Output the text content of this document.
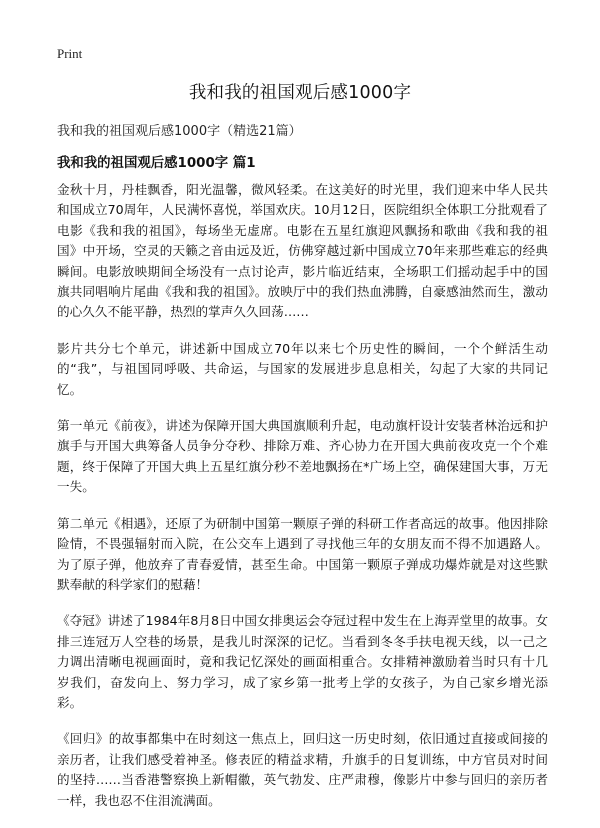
Print
我和我的祖国观后感1000字
我和我的祖国观后感1000字（精选21篇）
我和我的祖国观后感1000字 篇1

金秋十月，丹桂飘香，阳光温馨，微风轻柔。在这美好的时光里，我们迎来中华人民共和国成立70周年，人民满怀喜悦，举国欢庆。10月12日，医院组织全体职工分批观看了电影《我和我的祖国》，每场坐无虚席。电影在五星红旗迎风飘扬和歌曲《我和我的祖国》中开场，空灵的天籁之音由远及近，仿佛穿越过新中国成立70年来那些难忘的经典瞬间。电影放映期间全场没有一点讨论声，影片临近结束，全场职工们摇动起手中的国旗共同唱响片尾曲《我和我的祖国》。放映厅中的我们热血沸腾，自豪感油然而生，激动的心久久不能平静，热烈的掌声久久回荡……

影片共分七个单元，讲述新中国成立70年以来七个历史性的瞬间，一个个鲜活生动的“我”，与祖国同呼吸、共命运，与国家的发展进步息息相关，勾起了大家的共同记忆。

第一单元《前夜》，讲述为保障开国大典国旗顺利升起，电动旗杆设计安装者林治远和护旗手与开国大典筹备人员争分夺秒、排除万难、齐心协力在开国大典前夜攻克一个个难题，终于保障了开国大典上五星红旗分秒不差地飘扬在*广场上空，确保建国大事，万无一失。

第二单元《相遇》，还原了为研制中国第一颗原子弹的科研工作者高远的故事。他因排除险情，不畏强辐射而入院，在公交车上遇到了寻找他三年的女朋友而不得不加遇路人。为了原子弹，他放弃了青春爱情，甚至生命。中国第一颗原子弹成功爆炸就是对这些默默奉献的科学家们的慰藉！

《夺冠》讲述了1984年8月8日中国女排奥运会夺冠过程中发生在上海弄堂里的故事。女排三连冠万人空巷的场景，是我儿时深深的记忆。当看到冬冬手扶电视天线，以一己之力调出清晰电视画面时，竟和我记忆深处的画面相重合。女排精神激励着当时只有十几岁我们，奋发向上、努力学习，成了家乡第一批考上学的女孩子，为自己家乡增光添彩。

《回归》的故事都集中在时刻这一焦点上，回归这一历史时刻，依旧通过直接或间接的亲历者，让我们感受着神圣。修表匠的精益求精，升旗手的日复训练，中方官员对时间的坚持……当香港警察换上新帽徽，英气勃发、庄严肃穆，像影片中参与回归的亲历者一样，我也忍不住泪流满面。
